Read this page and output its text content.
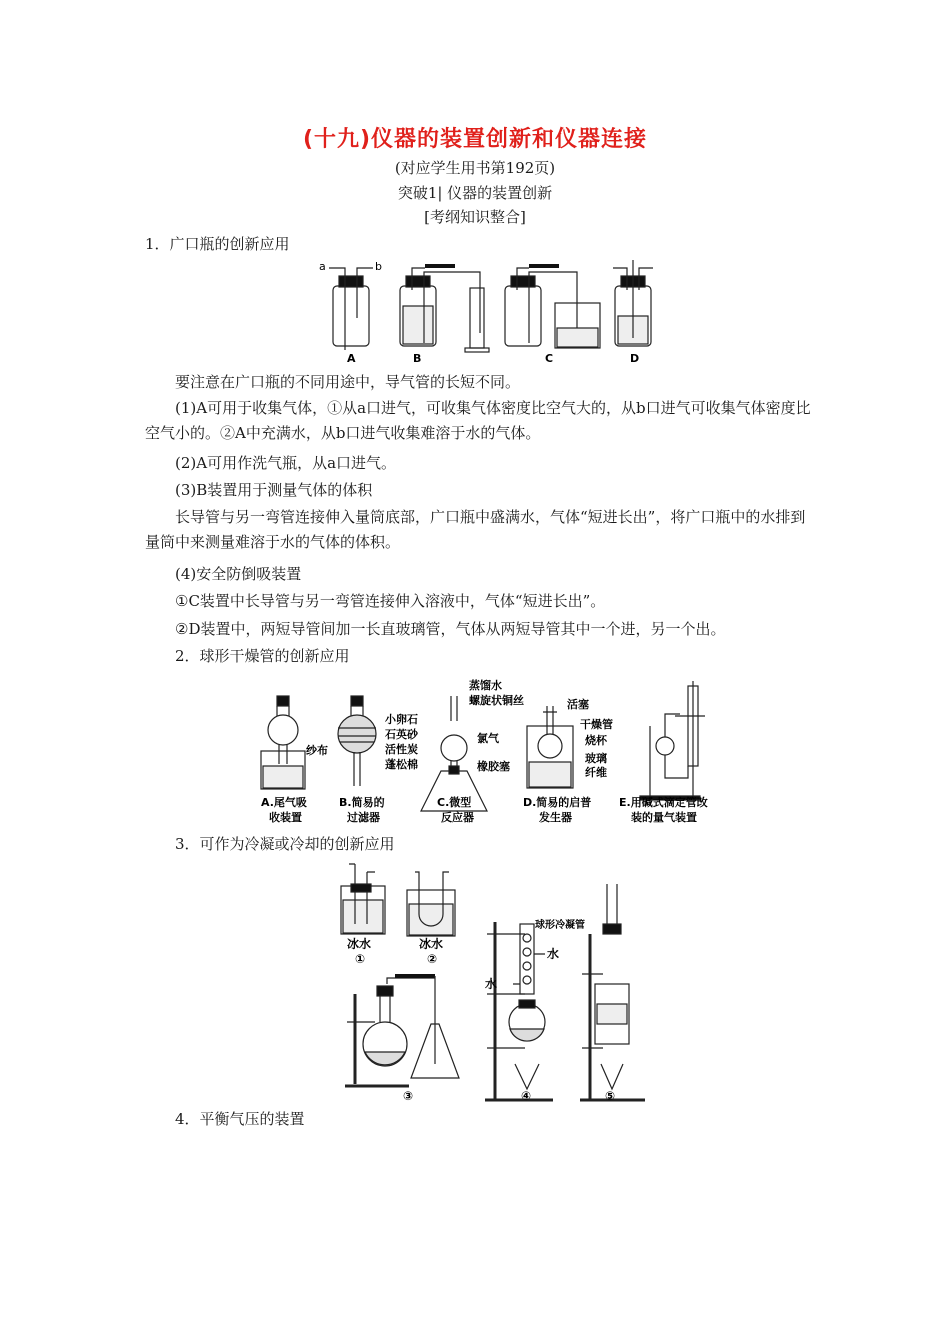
(十九)仪器的装置创新和仪器连接
(对应学生用书第192页)
突破1| 仪器的装置创新
[考纲知识整合]
1．广口瓶的创新应用
a	b
A	B	C	D
要注意在广口瓶的不同用途中，导气管的长短不同。
(1)A可用于收集气体，①从a口进气，可收集气体密度比空气大的，从b口进气可收集气体密度比空气小的。②A中充满水，从b口进气收集难溶于水的气体。
(2)A可用作洗气瓶，从a口进气。
(3)B装置用于测量气体的体积
长导管与另一弯管连接伸入量筒底部，广口瓶中盛满水，气体“短进长出”，将广口瓶中的水排到量筒中来测量难溶于水的气体的体积。
(4)安全防倒吸装置
①C装置中长导管与另一弯管连接伸入溶液中，气体“短进长出”。
②D装置中，两短导管间加一长直玻璃管，气体从两短导管其中一个进，另一个出。
2．球形干燥管的创新应用
纱布
小卵石
石英砂
活性炭
蓬松棉
蒸馏水
螺旋状铜丝
氯气
橡胶塞
活塞
干燥管
烧杯
玻璃
纤维
A.尾气吸
收装置
B.简易的
过滤器
C.微型
反应器
D.简易的启普
发生器
E.用碱式滴定管改
装的量气装置
3．可作为冷凝或冷却的创新应用
冰水
①
冰水
②
球形冷凝管
水
水
③	④	⑤
4．平衡气压的装置
